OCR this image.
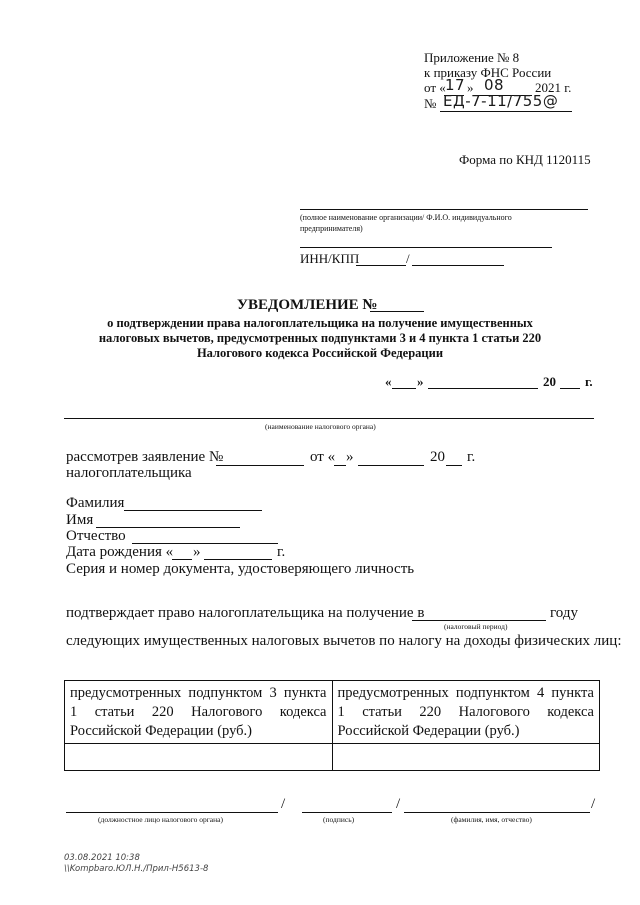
Приложение № 8
к приказу ФНС России
от « 17 » 08 2021 г.
№ ЕД-7-11/755@
Форма по КНД 1120115
(полное наименование организации/ Ф.И.О. индивидуального
предпринимателя)
ИНН/КПП	/
УВЕДОМЛЕНИЕ №
о подтверждении права налогоплательщика на получение имущественных
налоговых вычетов, предусмотренных подпунктами 3 и 4 пункта 1 статьи 220
Налогового кодекса Российской Федерации
« »	20 г.
(наименование налогового органа)
рассмотрев заявление №	от « »	20 г.
налогоплательщика
Фамилия
Имя
Отчество
Дата рождения « »	г.
Серия и номер документа, удостоверяющего личность
подтверждает право налогоплательщика на получение в	году
(налоговый период)
следующих имущественных налоговых вычетов по налогу на доходы физических лиц:
предусмотренных подпунктом 3 пункта 1 статьи 220 Налогового кодекса Российской Федерации (руб.)	предусмотренных подпунктом 4 пункта 1 статьи 220 Налогового кодекса Российской Федерации (руб.)

/	/	/
(должностное лицо налогового органа)	(подпись)	(фамилия, имя, отчество)
03.08.2021 10:38
\\Kompbaro.ЮЛ.Н./Прил-Н5613-8
